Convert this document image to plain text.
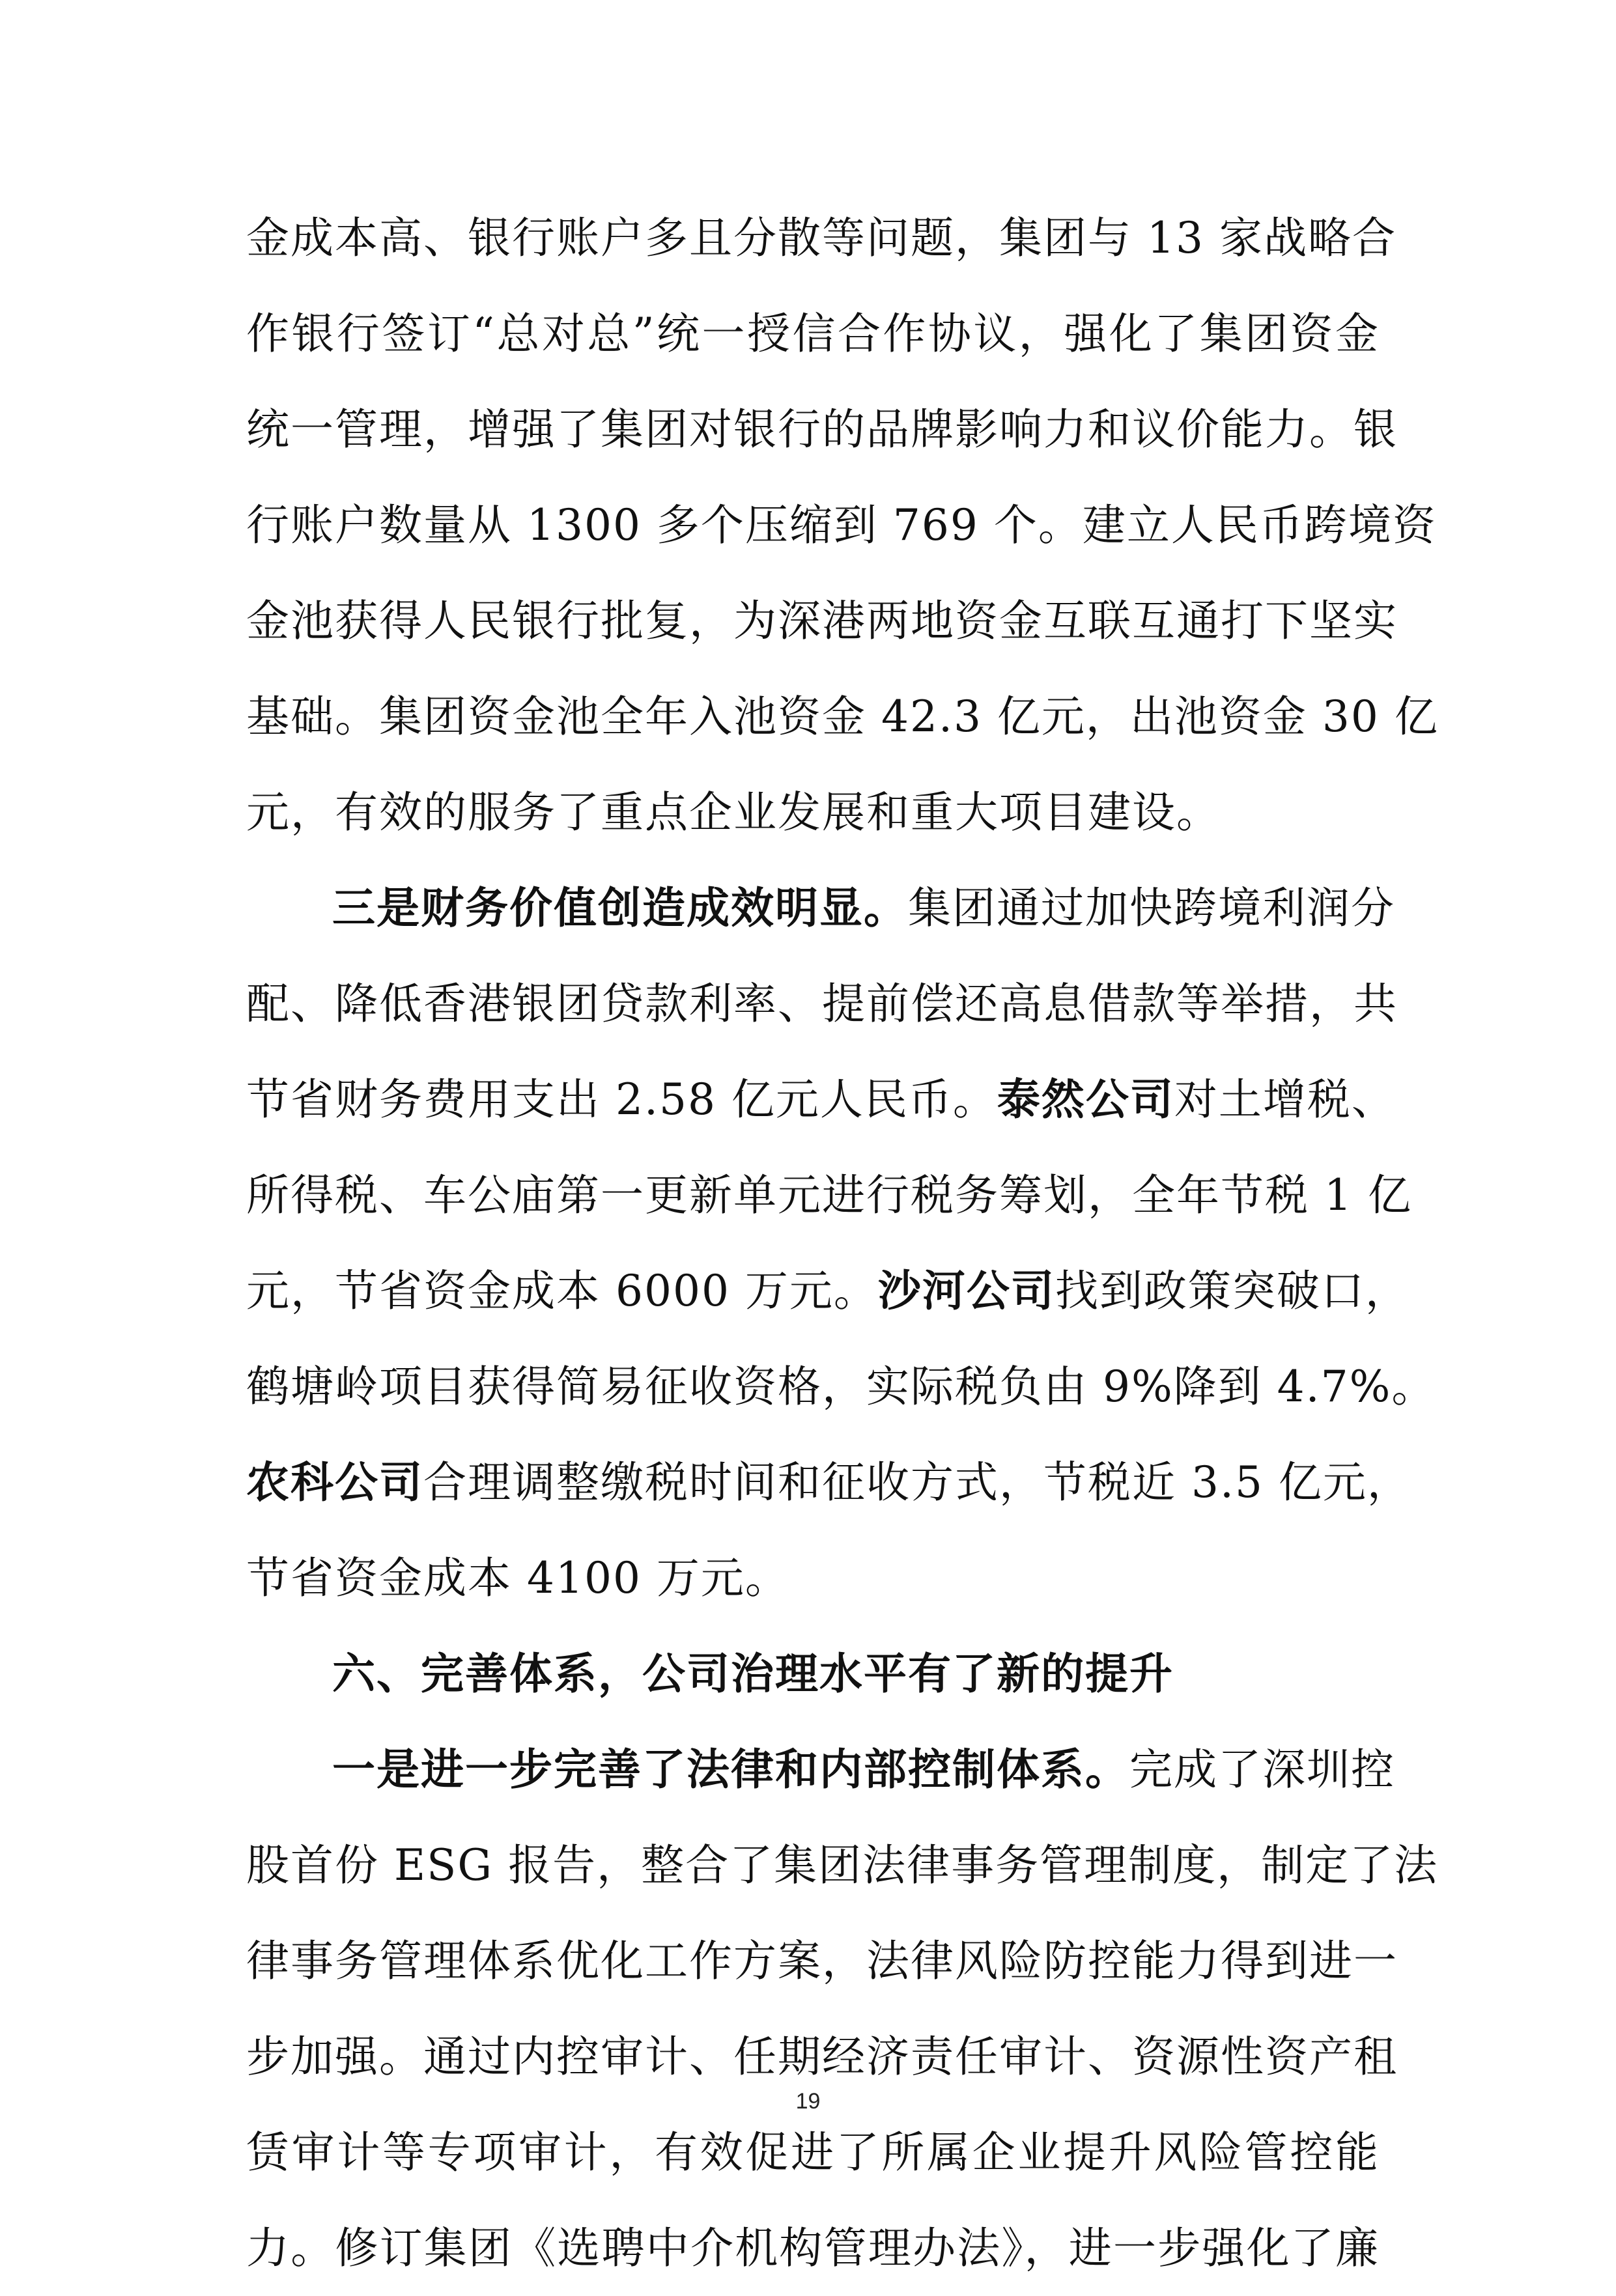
金成本高、银行账户多且分散等问题，集团与 13 家战略合
作银行签订“总对总”统一授信合作协议，强化了集团资金
统一管理，增强了集团对银行的品牌影响力和议价能力。银
行账户数量从 1300 多个压缩到 769 个。建立人民币跨境资
金池获得人民银行批复，为深港两地资金互联互通打下坚实
基础。集团资金池全年入池资金 42.3 亿元，出池资金 30 亿
元，有效的服务了重点企业发展和重大项目建设。
三是财务价值创造成效明显。集团通过加快跨境利润分
配、降低香港银团贷款利率、提前偿还高息借款等举措，共
节省财务费用支出 2.58 亿元人民币。泰然公司对土增税、
所得税、车公庙第一更新单元进行税务筹划，全年节税 1 亿
元，节省资金成本 6000 万元。沙河公司找到政策突破口，
鹤塘岭项目获得简易征收资格，实际税负由 9%降到 4.7%。
农科公司合理调整缴税时间和征收方式，节税近 3.5 亿元，
节省资金成本 4100 万元。
六、完善体系，公司治理水平有了新的提升
一是进一步完善了法律和内部控制体系。完成了深圳控
股首份 ESG 报告，整合了集团法律事务管理制度，制定了法
律事务管理体系优化工作方案，法律风险防控能力得到进一
步加强。通过内控审计、任期经济责任审计、资源性资产租
赁审计等专项审计，有效促进了所属企业提升风险管控能
力。修订集团《选聘中介机构管理办法》，进一步强化了廉
19
